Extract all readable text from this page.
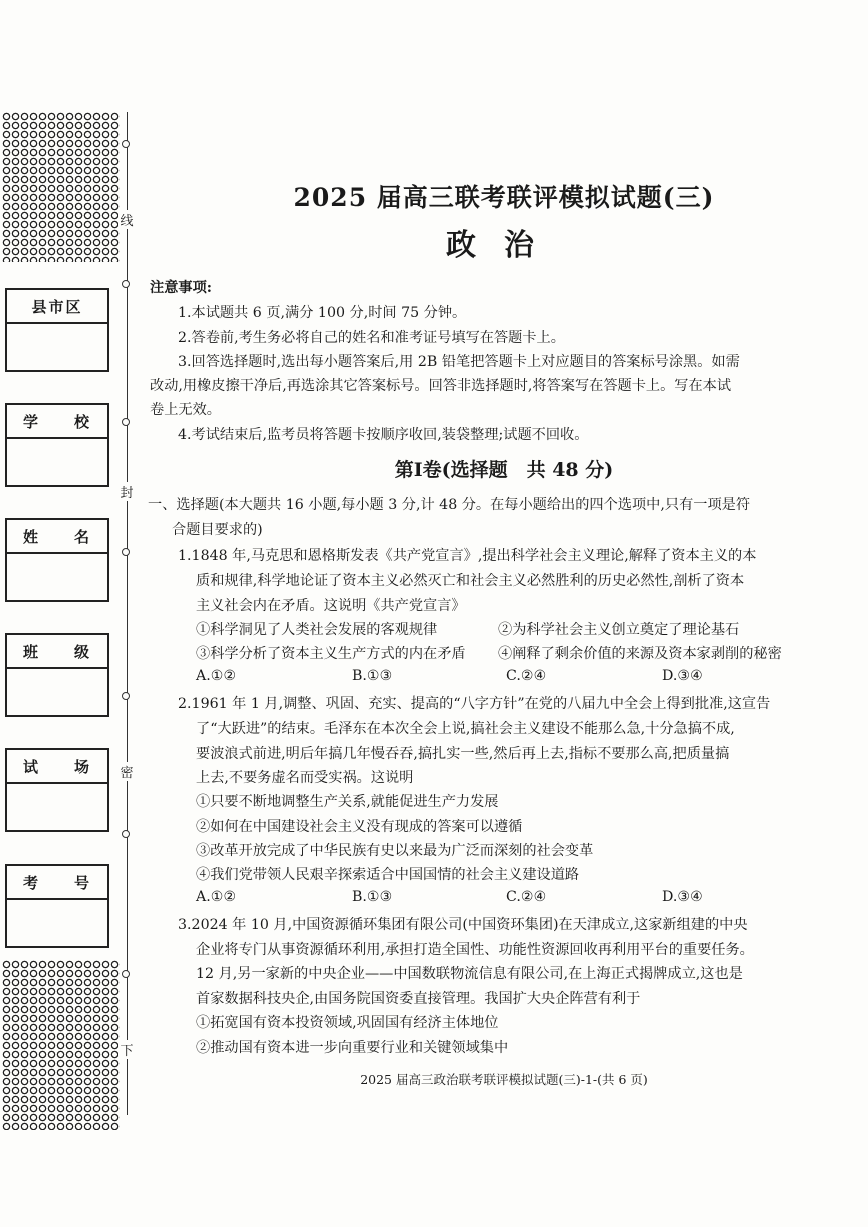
县市区
学　　校
姓　　名
班　　级
试　　场
考　　号
线
封
密
下
2025 届高三联考联评模拟试题(三)
政治
注意事项:
1.本试题共 6 页,满分 100 分,时间 75 分钟。
2.答卷前,考生务必将自己的姓名和准考证号填写在答题卡上。
3.回答选择题时,选出每小题答案后,用 2B 铅笔把答题卡上对应题目的答案标号涂黑。如需
改动,用橡皮擦干净后,再选涂其它答案标号。回答非选择题时,将答案写在答题卡上。写在本试
卷上无效。
4.考试结束后,监考员将答题卡按顺序收回,装袋整理;试题不回收。
第Ⅰ卷(选择题　共 48 分)
一、选择题(本大题共 16 小题,每小题 3 分,计 48 分。在每小题给出的四个选项中,只有一项是符
合题目要求的)
1.1848 年,马克思和恩格斯发表《共产党宣言》,提出科学社会主义理论,解释了资本主义的本
质和规律,科学地论证了资本主义必然灭亡和社会主义必然胜利的历史必然性,剖析了资本
主义社会内在矛盾。这说明《共产党宣言》
①科学洞见了人类社会发展的客观规律	②为科学社会主义创立奠定了理论基石
③科学分析了资本主义生产方式的内在矛盾 ④阐释了剩余价值的来源及资本家剥削的秘密
A.①②	B.①③	C.②④	D.③④
2.1961 年 1 月,调整、巩固、充实、提高的“八字方针”在党的八届九中全会上得到批准,这宣告
了“大跃进”的结束。毛泽东在本次全会上说,搞社会主义建设不能那么急,十分急搞不成,
要波浪式前进,明后年搞几年慢吞吞,搞扎实一些,然后再上去,指标不要那么高,把质量搞
上去,不要务虚名而受实祸。这说明
①只要不断地调整生产关系,就能促进生产力发展
②如何在中国建设社会主义没有现成的答案可以遵循
③改革开放完成了中华民族有史以来最为广泛而深刻的社会变革
④我们党带领人民艰辛探索适合中国国情的社会主义建设道路
A.①②	B.①③	C.②④	D.③④
3.2024 年 10 月,中国资源循环集团有限公司(中国资环集团)在天津成立,这家新组建的中央
企业将专门从事资源循环利用,承担打造全国性、功能性资源回收再利用平台的重要任务。
12 月,另一家新的中央企业——中国数联物流信息有限公司,在上海正式揭牌成立,这也是
首家数据科技央企,由国务院国资委直接管理。我国扩大央企阵营有利于
①拓宽国有资本投资领域,巩固国有经济主体地位
②推动国有资本进一步向重要行业和关键领域集中
2025 届高三政治联考联评模拟试题(三)-1-(共 6 页)
